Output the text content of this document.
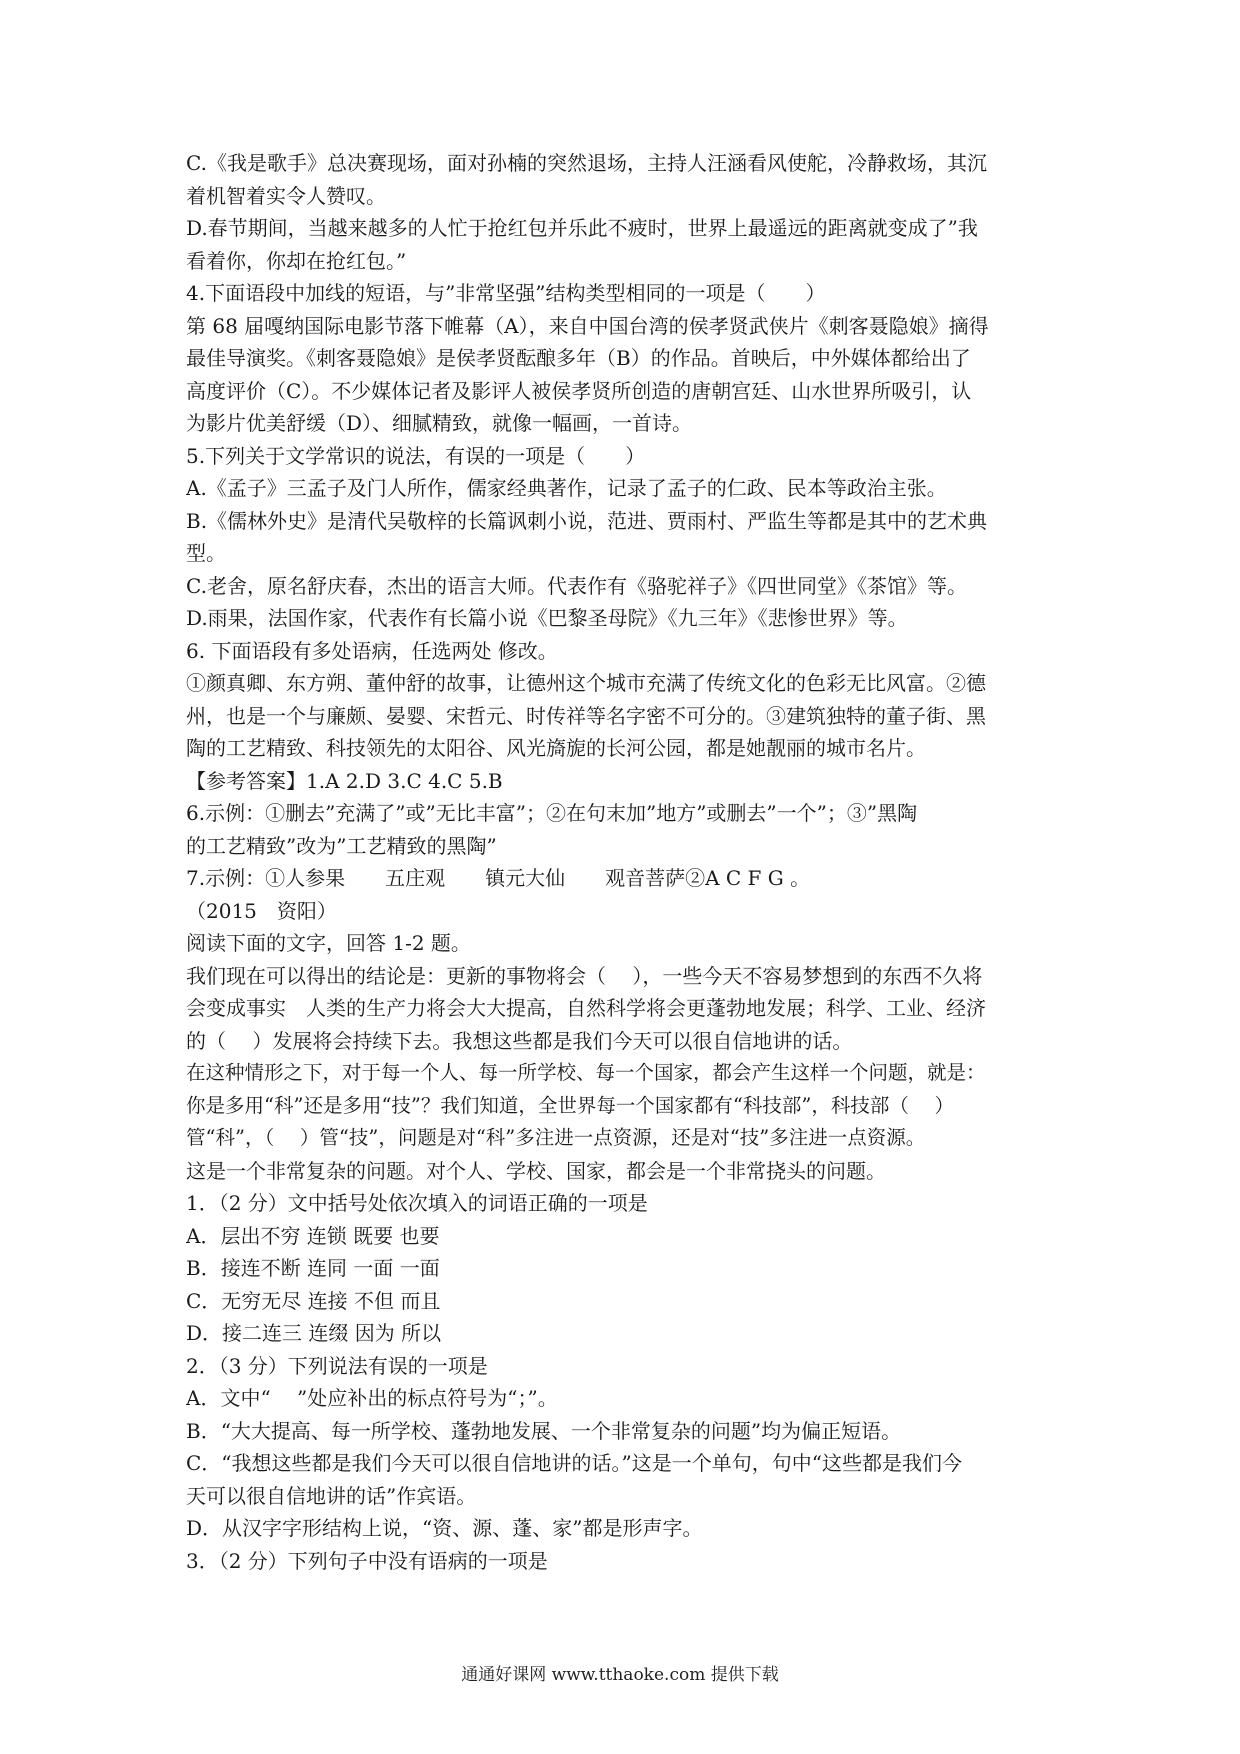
C.《我是歌手》总决赛现场，面对孙楠的突然退场，主持人汪涵看风使舵，冷静救场，其沉
着机智着实令人赞叹。
D.春节期间，当越来越多的人忙于抢红包并乐此不疲时，世界上最遥远的距离就变成了”我
看着你，你却在抢红包。”
4.下面语段中加线的短语，与”非常坚强”结构类型相同的一项是（　　）
第 68 届嘎纳国际电影节落下帷幕（A），来自中国台湾的侯孝贤武侠片《刺客聂隐娘》摘得
最佳导演奖。《刺客聂隐娘》是侯孝贤酝酿多年（B）的作品。首映后，中外媒体都给出了
高度评价（C）。不少媒体记者及影评人被侯孝贤所创造的唐朝宫廷、山水世界所吸引，认
为影片优美舒缓（D）、细腻精致，就像一幅画，一首诗。
5.下列关于文学常识的说法，有误的一项是（　　）
A.《孟子》三孟子及门人所作，儒家经典著作，记录了孟子的仁政、民本等政治主张。
B.《儒林外史》是清代吴敬梓的长篇讽刺小说，范进、贾雨村、严监生等都是其中的艺术典
型。
C.老舍，原名舒庆春，杰出的语言大师。代表作有《骆驼祥子》《四世同堂》《茶馆》等。
D.雨果，法国作家，代表作有长篇小说《巴黎圣母院》《九三年》《悲惨世界》等。
6. 下面语段有多处语病，任选两处 修改。
①颜真卿、东方朔、董仲舒的故事，让德州这个城市充满了传统文化的色彩无比风富。②德
州，也是一个与廉颇、晏婴、宋哲元、时传祥等名字密不可分的。③建筑独特的董子街、黑
陶的工艺精致、科技领先的太阳谷、风光旖旎的长河公园，都是她靓丽的城市名片。
【参考答案】1.A 2.D 3.C 4.C 5.B
6.示例：①删去”充满了”或”无比丰富”；②在句末加”地方”或删去”一个”；③”黑陶
的工艺精致”改为”工艺精致的黑陶”
7.示例：①人参果　　五庄观　　镇元大仙　　观音菩萨②A C F G 。
（2015　资阳）
阅读下面的文字，回答 1-2 题。
我们现在可以得出的结论是：更新的事物将会（　 ），一些今天不容易梦想到的东西不久将
会变成事实　人类的生产力将会大大提高，自然科学将会更蓬勃地发展；科学、工业、经济
的（　 ）发展将会持续下去。我想这些都是我们今天可以很自信地讲的话。
在这种情形之下，对于每一个人、每一所学校、每一个国家，都会产生这样一个问题，就是：
你是多用“科”还是多用“技”？我们知道，全世界每一个国家都有“科技部”，科技部（　 ）
管“科”，（　 ）管“技”，问题是对“科”多注进一点资源，还是对“技”多注进一点资源。
这是一个非常复杂的问题。对个人、学校、国家，都会是一个非常挠头的问题。
1．（2 分）文中括号处依次填入的词语正确的一项是
A．层出不穷 连锁 既要 也要
B．接连不断 连同 一面 一面
C．无穷无尽 连接 不但 而且
D．接二连三 连缀 因为 所以
2．（3 分）下列说法有误的一项是
A．文中“　 ”处应补出的标点符号为“；”。
B．“大大提高、每一所学校、蓬勃地发展、一个非常复杂的问题”均为偏正短语。
C．“我想这些都是我们今天可以很自信地讲的话。”这是一个单句，句中“这些都是我们今
天可以很自信地讲的话”作宾语。
D．从汉字字形结构上说，“资、源、蓬、家”都是形声字。
3．（2 分）下列句子中没有语病的一项是
通通好课网 www.tthaoke.com 提供下载
